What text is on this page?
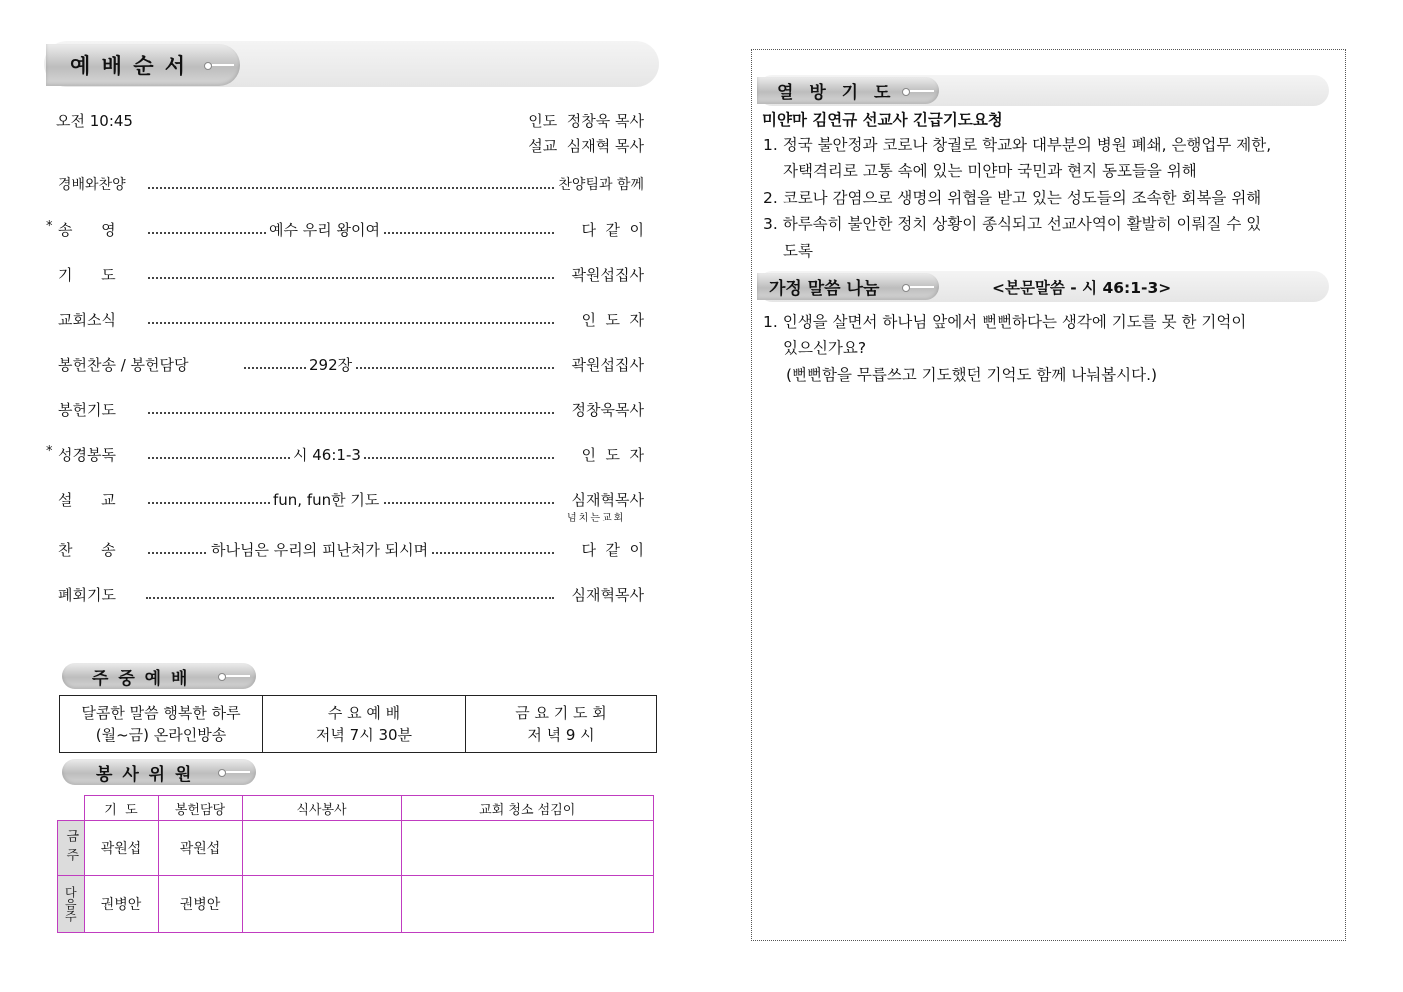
예 배 순 서
오전 10:45	인도  정창욱 목사
설교  심재혁 목사
경배와찬양	찬양팀과 함께
* 송      영	예수 우리 왕이여	다  같  이
기      도	곽원섭집사
교회소식	인  도  자
봉헌찬송 / 봉헌담당	292장	곽원섭집사
봉헌기도	정창욱목사
* 성경봉독	시 46:1-3	인  도  자
설      교	fun, fun한 기도	심재혁목사
넘치는교회
찬      송	하나님은 우리의 피난처가 되시며	다  같  이
폐회기도	심재혁목사
주 중 예 배
달콤한 말씀 행복한 하루
(월~금) 온라인방송

수 요 예 배
저녁 7시 30분

금 요 기 도 회
저 녁 9 시
봉 사 위 원
	기  도	봉헌담당	식사봉사	교회 청소 섬김이
금주	곽원섭	곽원섭		
다음주	권병안	권병안		
열 방 기 도
미얀마 김연규 선교사 긴급기도요청
1. 정국 불안정과 코로나 창궐로 학교와 대부분의 병원 폐쇄, 은행업무 제한,
자택격리로 고통 속에 있는 미얀마 국민과 현지 동포들을 위해
2. 코로나 감염으로 생명의 위협을 받고 있는 성도들의 조속한 회복을 위해
3. 하루속히 불안한 정치 상황이 종식되고 선교사역이 활발히 이뤄질 수 있
도록
가정 말씀 나눔	<본문말씀 - 시 46:1-3>
1. 인생을 살면서 하나님 앞에서 뻔뻔하다는 생각에 기도를 못 한 기억이
있으신가요?
(뻔뻔함을 무릅쓰고 기도했던 기억도 함께 나눠봅시다.)
